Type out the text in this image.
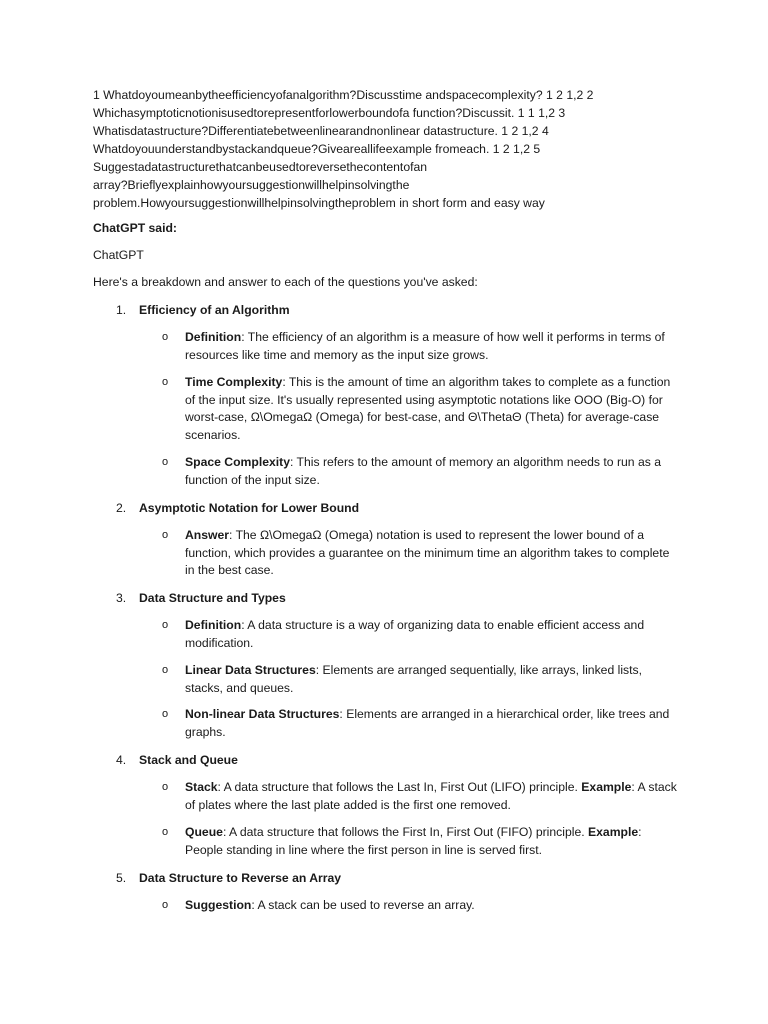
1 Whatdoyoumeanbytheefficiencyofanalgorithm?Discusstime andspacecomplexity? 1 2 1,2 2

Whichasymptoticnotionisusedtorepresentforlowerboundofa function?Discussit. 1 1 1,2 3

Whatisdatastructure?Differentiatebetweenlinearandnonlinear datastructure. 1 2 1,2 4

Whatdoyouunderstandbystackandqueue?Giveareallifeexample fromeach. 1 2 1,2 5

Suggestadatastructurethatcanbeusedtoreversethecontentofan

array?Brieflyexplainhowyoursuggestionwillhelpinsolvingthe

problem.Howyoursuggestionwillhelpinsolvingtheproblem in short form and easy way

ChatGPT said:
ChatGPT
Here's a breakdown and answer to each of the questions you've asked:
1. Efficiency of an Algorithm
o Definition: The efficiency of an algorithm is a measure of how well it performs in terms of resources like time and memory as the input size grows.
o Time Complexity: This is the amount of time an algorithm takes to complete as a function of the input size. It's usually represented using asymptotic notations like OOO (Big-O) for worst-case, Ω\OmegaΩ (Omega) for best-case, and Θ\ThetaΘ (Theta) for average-case scenarios.
o Space Complexity: This refers to the amount of memory an algorithm needs to run as a function of the input size.
2. Asymptotic Notation for Lower Bound
o Answer: The Ω\OmegaΩ (Omega) notation is used to represent the lower bound of a function, which provides a guarantee on the minimum time an algorithm takes to complete in the best case.
3. Data Structure and Types
o Definition: A data structure is a way of organizing data to enable efficient access and modification.
o Linear Data Structures: Elements are arranged sequentially, like arrays, linked lists, stacks, and queues.
o Non-linear Data Structures: Elements are arranged in a hierarchical order, like trees and graphs.
4. Stack and Queue
o Stack: A data structure that follows the Last In, First Out (LIFO) principle. Example: A stack of plates where the last plate added is the first one removed.
o Queue: A data structure that follows the First In, First Out (FIFO) principle. Example: People standing in line where the first person in line is served first.
5. Data Structure to Reverse an Array
o Suggestion: A stack can be used to reverse an array.
